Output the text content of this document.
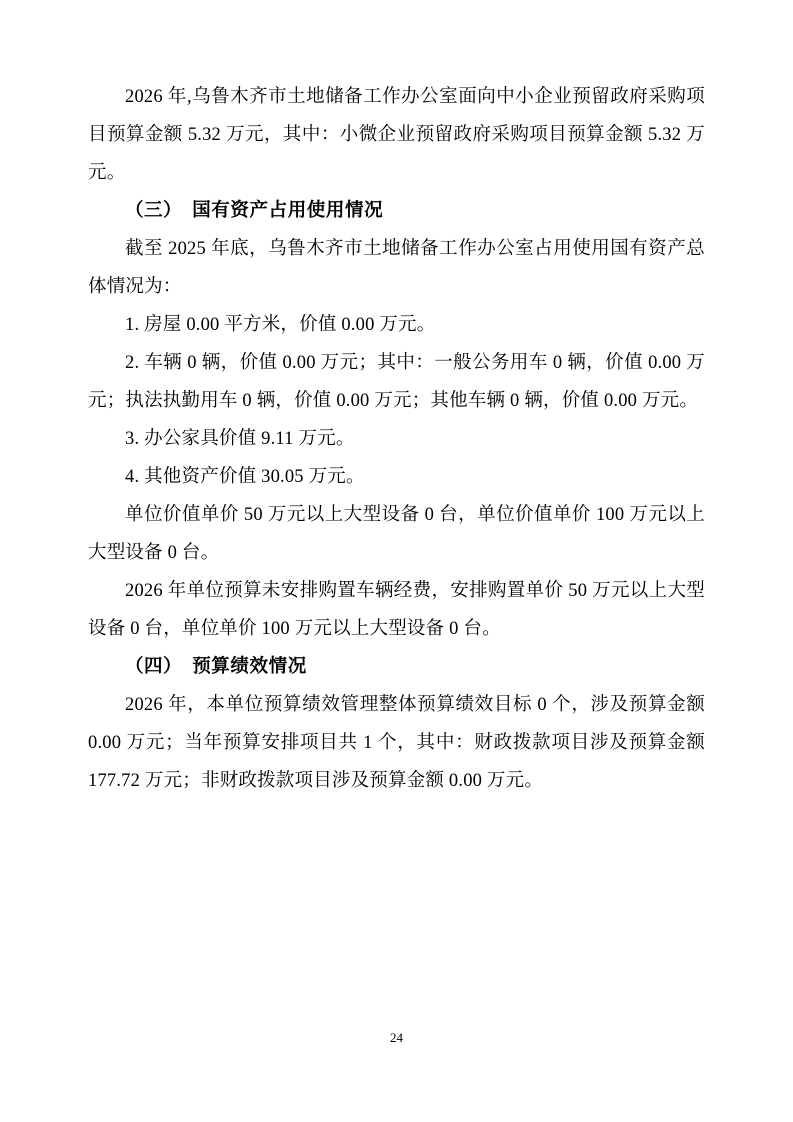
2026 年,乌鲁木齐市土地储备工作办公室面向中小企业预留政府采购项目预算金额 5.32 万元，其中：小微企业预留政府采购项目预算金额 5.32 万元。

（三） 国有资产占用使用情况

截至 2025 年底，乌鲁木齐市土地储备工作办公室占用使用国有资产总体情况为：

1. 房屋 0.00 平方米，价值 0.00 万元。

2. 车辆 0 辆，价值 0.00 万元；其中：一般公务用车 0 辆，价值 0.00 万元；执法执勤用车 0 辆，价值 0.00 万元；其他车辆 0 辆，价值 0.00 万元。

3. 办公家具价值 9.11 万元。

4. 其他资产价值 30.05 万元。

单位价值单价 50 万元以上大型设备 0 台，单位价值单价 100 万元以上大型设备 0 台。

2026 年单位预算未安排购置车辆经费，安排购置单价 50 万元以上大型设备 0 台，单位单价 100 万元以上大型设备 0 台。

（四） 预算绩效情况

2026 年，本单位预算绩效管理整体预算绩效目标 0 个，涉及预算金额 0.00 万元；当年预算安排项目共 1 个，其中：财政拨款项目涉及预算金额 177.72 万元；非财政拨款项目涉及预算金额 0.00 万元。

24
